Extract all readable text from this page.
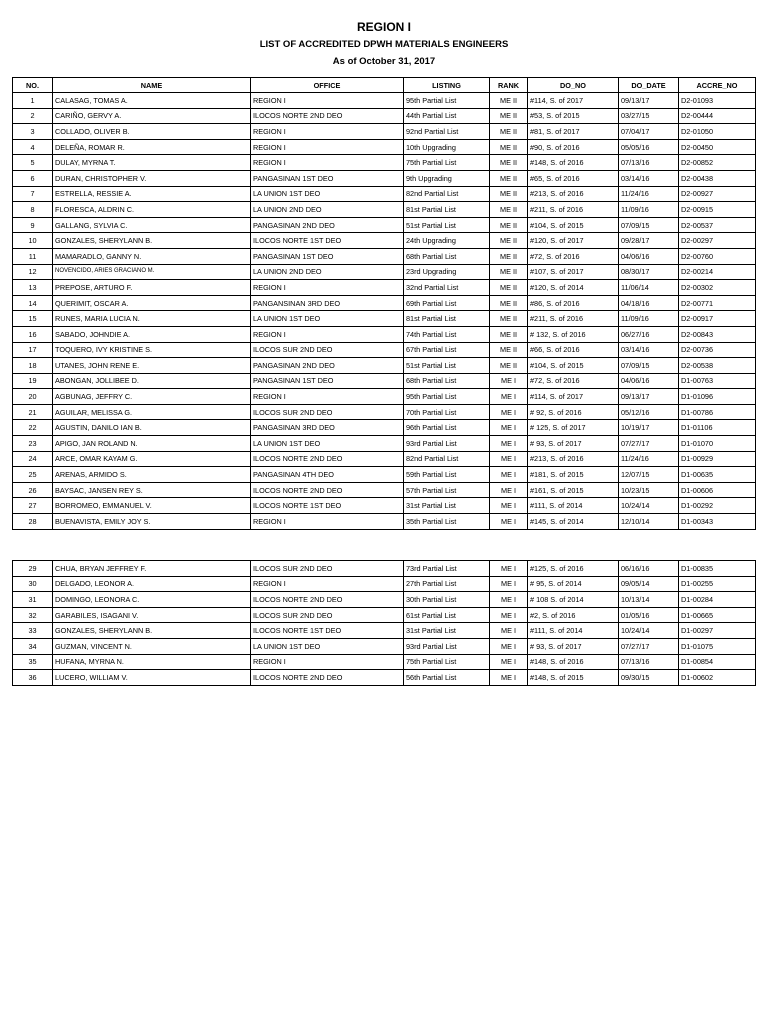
REGION I
LIST OF ACCREDITED DPWH MATERIALS ENGINEERS
As of October 31, 2017
NO.	NAME	OFFICE	LISTING	RANK	DO_NO	DO_DATE	ACCRE_NO
1	CALASAG, TOMAS A.	REGION I	95th Partial List	ME II	#114, S. of 2017	09/13/17	D2-01093
2	CARIÑO, GERVY A.	ILOCOS NORTE 2ND DEO	44th Partial List	ME II	#53, S. of 2015	03/27/15	D2-00444
3	COLLADO, OLIVER B.	REGION I	92nd Partial List	ME II	#81, S. of 2017	07/04/17	D2-01050
4	DELEÑA, ROMAR R.	REGION I	10th Upgrading	ME II	#90, S. of 2016	05/05/16	D2-00450
5	DULAY, MYRNA T.	REGION I	75th Partial List	ME II	#148, S. of 2016	07/13/16	D2-00852
6	DURAN, CHRISTOPHER V.	PANGASINAN 1ST DEO	9th Upgrading	ME II	#65, S. of 2016	03/14/16	D2-00438
7	ESTRELLA, RESSIE A.	LA UNION 1ST DEO	82nd Partial List	ME II	#213, S. of 2016	11/24/16	D2-00927
8	FLORESCA, ALDRIN C.	LA UNION 2ND DEO	81st Partial List	ME II	#211, S. of 2016	11/09/16	D2-00915
9	GALLANG, SYLVIA C.	PANGASINAN 2ND DEO	51st Partial List	ME II	#104, S. of 2015	07/09/15	D2-00537
10	GONZALES, SHERYLANN B.	ILOCOS NORTE 1ST DEO	24th Upgrading	ME II	#120, S. of 2017	09/28/17	D2-00297
11	MAMARADLO, GANNY N.	PANGASINAN 1ST DEO	68th Partial List	ME II	#72, S. of 2016	04/06/16	D2-00760
12	NOVENCIDO, ARIES GRACIANO M.	LA UNION 2ND DEO	23rd Upgrading	ME II	#107, S. of 2017	08/30/17	D2-00214
13	PREPOSE, ARTURO F.	REGION I	32nd Partial List	ME II	#120, S. of 2014	11/06/14	D2-00302
14	QUERIMIT, OSCAR A.	PANGANSINAN 3RD DEO	69th Partial List	ME II	#86, S. of 2016	04/18/16	D2-00771
15	RUNES, MARIA LUCIA N.	LA UNION 1ST DEO	81st Partial List	ME II	#211, S. of 2016	11/09/16	D2-00917
16	SABADO, JOHNDIE A.	REGION I	74th Partial List	ME II	# 132, S. of 2016	06/27/16	D2-00843
17	TOQUERO, IVY KRISTINE S.	ILOCOS SUR 2ND DEO	67th Partial List	ME II	#66, S. of 2016	03/14/16	D2-00736
18	UTANES, JOHN RENE E.	PANGASINAN 2ND DEO	51st Partial List	ME II	#104, S. of 2015	07/09/15	D2-00538
19	ABONGAN, JOLLIBEE D.	PANGASINAN 1ST DEO	68th Partial List	ME I	#72, S. of 2016	04/06/16	D1-00763
20	AGBUNAG, JEFFRY C.	REGION I	95th Partial List	ME I	#114, S. of 2017	09/13/17	D1-01096
21	AGUILAR, MELISSA G.	ILOCOS SUR 2ND DEO	70th Partial List	ME I	# 92, S. of 2016	05/12/16	D1-00786
22	AGUSTIN, DANILO IAN B.	PANGASINAN 3RD DEO	96th Partial List	ME I	# 125, S. of 2017	10/19/17	D1-01106
23	APIGO, JAN ROLAND N.	LA UNION 1ST DEO	93rd Partial List	ME I	# 93, S. of 2017	07/27/17	D1-01070
24	ARCE, OMAR KAYAM G.	ILOCOS NORTE 2ND DEO	82nd Partial List	ME I	#213, S. of 2016	11/24/16	D1-00929
25	ARENAS, ARMIDO S.	PANGASINAN 4TH DEO	59th Partial List	ME I	#181, S. of 2015	12/07/15	D1-00635
26	BAYSAC, JANSEN REY S.	ILOCOS NORTE 2ND DEO	57th Partial List	ME I	#161, S. of 2015	10/23/15	D1-00606
27	BORROMEO, EMMANUEL V.	ILOCOS NORTE 1ST DEO	31st Partial List	ME I	#111, S. of 2014	10/24/14	D1-00292
28	BUENAVISTA, EMILY JOY S.	REGION I	35th Partial List	ME I	#145, S. of 2014	12/10/14	D1-00343
29	CHUA, BRYAN JEFFREY F.	ILOCOS SUR 2ND DEO	73rd Partial List	ME I	#125, S. of 2016	06/16/16	D1-00835
30	DELGADO, LEONOR A.	REGION I	27th Partial List	ME I	# 95, S. of 2014	09/05/14	D1-00255
31	DOMINGO, LEONORA C.	ILOCOS NORTE 2ND DEO	30th Partial List	ME I	# 108 S. of 2014	10/13/14	D1-00284
32	GARABILES, ISAGANI V.	ILOCOS SUR 2ND DEO	61st Partial List	ME I	#2, S. of 2016	01/05/16	D1-00665
33	GONZALES, SHERYLANN B.	ILOCOS NORTE 1ST DEO	31st Partial List	ME I	#111, S. of 2014	10/24/14	D1-00297
34	GUZMAN, VINCENT N.	LA UNION 1ST DEO	93rd Partial List	ME I	# 93, S. of 2017	07/27/17	D1-01075
35	HUFANA, MYRNA N.	REGION I	75th Partial List	ME I	#148, S. of 2016	07/13/16	D1-00854
36	LUCERO, WILLIAM V.	ILOCOS NORTE 2ND DEO	56th Partial List	ME I	#148, S. of 2015	09/30/15	D1-00602
